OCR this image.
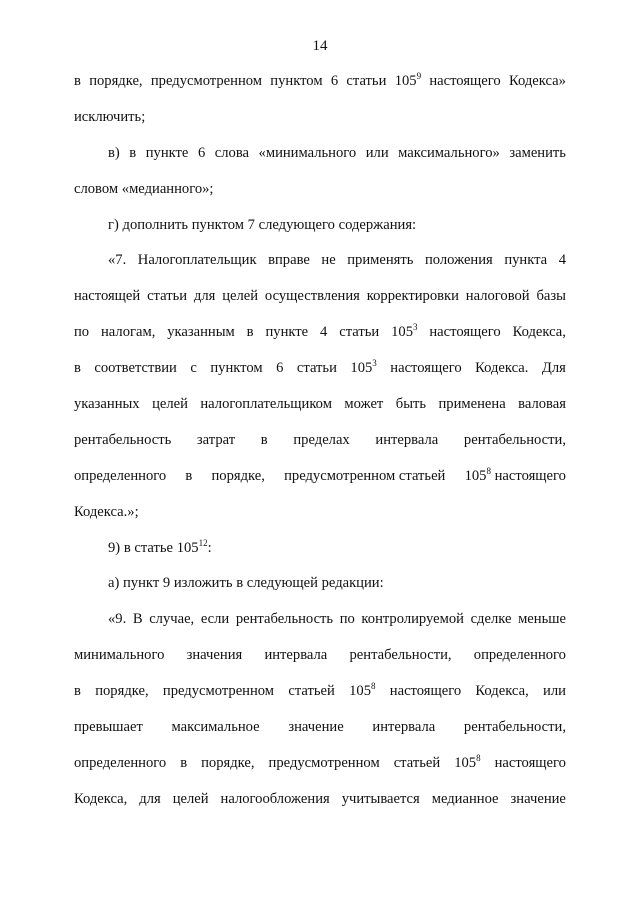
14
в порядке, предусмотренном пунктом 6 статьи $105^9$ настоящего Кодекса»
исключить;
в) в пункте 6 слова «минимального или максимального» заменить
словом «медианного»;
г) дополнить пунктом 7 следующего содержания:
«7. Налогоплательщик вправе не применять положения пункта 4
настоящей статьи для целей осуществления корректировки налоговой базы
по налогам, указанным в пункте 4 статьи $105^3$ настоящего Кодекса,
в соответствии с пунктом 6 статьи $105^3$ настоящего Кодекса. Для
указанных целей налогоплательщиком может быть применена валовая
рентабельность затрат в пределах интервала рентабельности,
определенного в порядке, предусмотренном статьей $105^8$ настоящего
Кодекса.»;
9) в статье $105^{12}$:
а) пункт 9 изложить в следующей редакции:
«9. В случае, если рентабельность по контролируемой сделке меньше
минимального значения интервала рентабельности, определенного
в порядке, предусмотренном статьей $105^8$ настоящего Кодекса, или
превышает максимальное значение интервала рентабельности,
определенного в порядке, предусмотренном статьей $105^8$ настоящего
Кодекса, для целей налогообложения учитывается медианное значение
